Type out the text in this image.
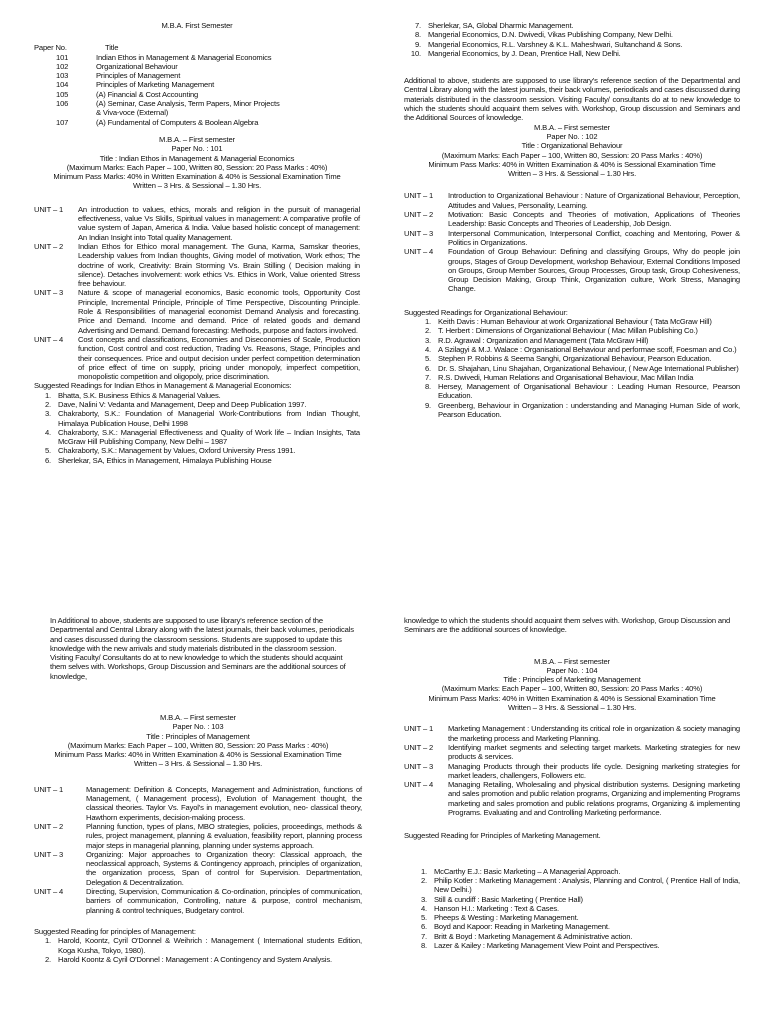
M.B.A. First Semester
Paper No.	Title
101	Indian Ethos in Management & Managerial Economics
102	Organizational Behaviour
103	Principles of Management
104	Principles of Marketing Management
105	(A) Financial & Cost Accounting
106	(A) Seminar, Case Analysis, Term Papers, Minor Projects
& Viva-voce (External)
107	(A) Fundamental of Computers & Boolean Algebra
M.B.A. – First semester
Paper No. : 101
Title : Indian Ethos in Management & Managerial Economics
(Maximum Marks: Each Paper – 100, Written 80, Session: 20 Pass Marks : 40%)
Minimum Pass Marks: 40% in Written Examination & 40% is Sessional Examination Time
Written – 3 Hrs. & Sessional – 1.30 Hrs.
UNIT – 1	An introduction to values, ethics, morals and religion in the pursuit of managerial effectiveness, value Vs Skills, Spiritual values in management: A comparative profile of value system of Japan, America & India. Value based holistic concept of management: An Indian Insight into Total quality Management.
UNIT – 2	Indian Ethos for Ethico moral management. The Guna, Karma, Samskar theories, Leadership values from Indian thoughts, Giving model of motivation, Work ethos; The doctrine of work, Creativity: Brain Storming Vs. Brain Stilling ( Decision making in silence). Detaches involvement: work ethics Vs. Ethics in Work, Value oriented Stress free behaviour.
UNIT – 3	Nature & scope of managerial economics, Basic economic tools, Opportunity Cost Principle, Incremental Principle, Principle of Time Perspective, Discounting Principle. Role & Responsibilities of managerial economist Demand Analysis and forecasting. Price and Demand. Income and demand. Price of related goods and demand Advertising and Demand. Demand forecasting: Methods, purpose and factors involved.
UNIT – 4	Cost concepts and classifications, Economies and Diseconomies of Scale, Production function, Cost control and cost reduction, Trading Vs. Reasons, Stage, Principles and their consequences. Price and output decision under perfect competition determination of price effect of time on supply, pricing under monopoly, imperfect competition, monopolistic competition and oligopoly, price discrimination.
Suggested Readings for Indian Ethos in Management & Managerial Economics:
1. Bhatta, S.K. Business Ethics & Managerial Values.
2. Dave, Nalini V: Vedanta and Management, Deep and Deep Publication 1997.
3. Chakraborty, S.K.: Foundation of Managerial Work-Contributions from Indian Thought, Himalaya Publication House, Delhi 1998
4. Chakraborty, S.K.: Managerial Effectiveness and Quality of Work life – Indian Insights, Tata McGraw Hill Publishing Company, New Delhi – 1987
5. Chakraborty, S.K.: Management by Values, Oxford University Press 1991.
6. Sherlekar, SA, Ethics in Management, Himalaya Publishing House
7. Sherlekar, SA, Global Dharmic Management.
8. Mangerial Economics, D.N. Dwivedi, Vikas Publishing Company, New Delhi.
9. Mangerial Economics, R.L. Varshney & K.L. Maheshwari, Sultanchand & Sons.
10. Mangerial Economics, by J. Dean, Prentice Hall, New Delhi.
Additional to above, students are supposed to use library's reference section of the Departmental and Central Library along with the latest journals, their back volumes, periodicals and cases discussed during materials distributed in the classroom session. Visiting Faculty/ consultants do at to new knowledge to which the students should acquaint them selves with. Workshop, Group discussion and Seminars and the Additional Sources of knowledge.
M.B.A. – First semester
Paper No. : 102
Title : Organizational Behaviour
(Maximum Marks: Each Paper – 100, Written 80, Session: 20 Pass Marks : 40%)
Minimum Pass Marks: 40% in Written Examination & 40% is Sessional Examination Time
Written – 3 Hrs. & Sessional – 1.30 Hrs.
UNIT – 1	Introduction to Organizational Behaviour : Nature of Organizational Behaviour, Perception, Attitudes and Values, Personality, Learning.
UNIT – 2	Motivation: Basic Concepts and Theories of motivation, Applications of Theories Leadership: Basic Concepts and Theories of Leadership, Job Design.
UNIT – 3	Interpersonal Communication, Interpersonal Conflict, coaching and Mentoring, Power & Politics in Organizations.
UNIT – 4	Foundation of Group Behaviour: Defining and classifying Groups, Why do people join groups, Stages of Group Development, workshop Behaviour, External Conditions Imposed on Groups, Group Member Sources, Group Processes, Group task, Group Cohesiveness, Group Decision Making, Group Think, Organization culture, Work Stress, Managing Change.
Suggested Readings for Organizational Behaviour:
1. Keith Davis : Human Behaviour at work Organizational Behaviour ( Tata McGraw Hill)
2. T. Herbert : Dimensions of Organizational Behaviour ( Mac Millan Publishing Co.)
3. R.D. Agrawal : Organization and Management (Tata McGraw Hill)
4. A Szilagyi & M.J. Walace : Organisational Behaviour and performae scoff, Foesman and Co.)
5. Stephen P. Robbins & Seema Sanghi, Organizational Behaviour, Pearson Education.
6. Dr. S. Shajahan, Linu Shajahan, Organizational Behaviour, ( New Age International Publisher)
7. R.S. Dwivedi, Human Relations and Organisational Behaviour, Mac Millan India
8. Hersey, Management of Organisational Behaviour : Leading Human Resource, Pearson Education.
9. Greenberg, Behaviour in Organization : understanding and Managing Human Side of work, Pearson Education.
In Additional to above, students are supposed to use library's reference section of the Departmental and Central Library along with the latest journals, their back volumes, periodicals and cases discussed during the classroom sessions. Students are supposed to update this knowledge with the new arrivals and study materials distributed in the classroom session. Visiting Faculty/ Consultants do at to new knowledge to which the students should acquaint them selves with. Workshops, Group Discussion and Seminars are the additional sources of knowledge,
M.B.A. – First semester
Paper No. : 103
Title : Principles of Management
(Maximum Marks: Each Paper – 100, Written 80, Session: 20 Pass Marks : 40%)
Minimum Pass Marks: 40% in Written Examination & 40% is Sessional Examination Time
Written – 3 Hrs. & Sessional – 1.30 Hrs.
UNIT – 1	Management: Definition & Concepts, Management and Administration, functions of Management, ( Management process), Evolution of Management thought, the classical theories. Taylor Vs. Fayol's in management evolution, neo- classical theory, Hawthorn experiments, decision-making process.
UNIT – 2	Planning function, types of plans, MBO strategies, policies, proceedings, methods & rules, project management, planning & evaluation, feasibility report, planning process major steps in managerial planning, planning under systems approach.
UNIT – 3	Organizing: Major approaches to Organization theory: Classical approach, the neoclassical approach, Systems & Contingency approach, principles of organization, the organization process, Span of control for Supervision. Departmentation, Delegation & Decentralization.
UNIT – 4	Directing, Supervision, Communication & Co-ordination, principles of communication, barriers of communication, Controlling, nature & purpose, control mechanism, planning & control techniques, Budgetary control.
Suggested Reading for principles of Management:
1. Harold, Koontz, Cyril O'Donnel & Weihrich : Management ( International students Edition, Koga Kusha, Tokyo, 1980).
2. Harold Koontz & Cyril O'Donnel : Management : A Contingency and System Analysis.
knowledge to which the students should acquaint them selves with. Workshop, Group Discussion and Seminars are the additional sources of knowledge.
M.B.A. – First semester
Paper No. : 104
Title : Principles of Marketing Management
(Maximum Marks: Each Paper – 100, Written 80, Session: 20 Pass Marks : 40%)
Minimum Pass Marks: 40% in Written Examination & 40% is Sessional Examination Time
Written – 3 Hrs. & Sessional – 1.30 Hrs.
UNIT – 1	Marketing Management : Understanding its critical role in organization & society managing the marketing process and Marketing Planning.
UNIT – 2	Identifying market segments and selecting target markets. Marketing strategies for new products & services.
UNIT – 3	Managing Products through their products life cycle. Designing marketing strategies for market leaders, challengers, Followers etc.
UNIT – 4	Managing Retailing, Wholesaling and physical distribution systems. Designing marketing and sales promotion and public relation programs, Organizing and implementing Programs marketing and sales promotion and public relations programs, Organizing & implementing Programs. Evaluating and and Controlling Marketing performance.
Suggested Reading for Principles of Marketing Management.
1. McCarthy E.J.: Basic Marketing – A Managerial Approach.
2. Philip Kotler : Marketing Management : Analysis, Planning and Control, ( Prentice Hall of India, New Delhi.)
3. Still & cundiff : Basic Marketing ( Prentice Hall)
4. Hanson H.I.: Marketing : Text & Cases.
5. Pheeps & Westing : Marketing Management.
6. Boyd and Kapoor: Reading in Marketing Management.
7. Britt & Boyd : Marketing Management & Administrative action.
8. Lazer & Kailey : Marketing Management View Point and Perspectives.
